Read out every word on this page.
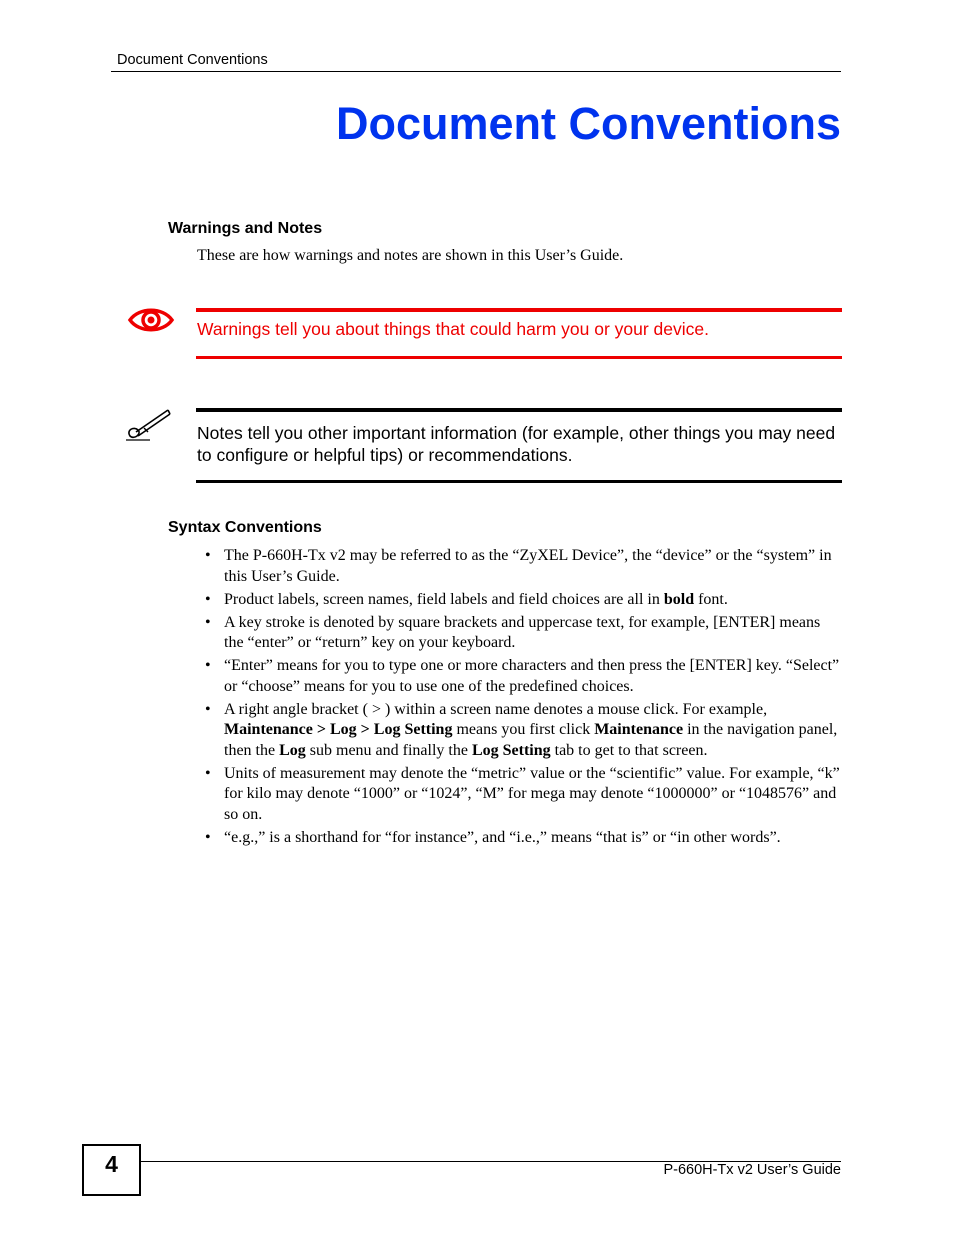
Document Conventions
Document Conventions
Warnings and Notes
These are how warnings and notes are shown in this User’s Guide.
Warnings tell you about things that could harm you or your device.
Notes tell you other important information (for example, other things you may need to configure or helpful tips) or recommendations.
Syntax Conventions
• The P-660H-Tx v2 may be referred to as the “ZyXEL Device”, the “device” or the “system” in this User’s Guide.
• Product labels, screen names, field labels and field choices are all in bold font.
• A key stroke is denoted by square brackets and uppercase text, for example, [ENTER] means the “enter” or “return” key on your keyboard.
• “Enter” means for you to type one or more characters and then press the [ENTER] key. “Select” or “choose” means for you to use one of the predefined choices.
• A right angle bracket ( > ) within a screen name denotes a mouse click. For example, Maintenance > Log > Log Setting means you first click Maintenance in the navigation panel, then the Log sub menu and finally the Log Setting tab to get to that screen.
• Units of measurement may denote the “metric” value or the “scientific” value. For example, “k” for kilo may denote “1000” or “1024”, “M” for mega may denote “1000000” or “1048576” and so on.
• “e.g.,” is a shorthand for “for instance”, and “i.e.,” means “that is” or “in other words”.
4	P-660H-Tx v2 User’s Guide
